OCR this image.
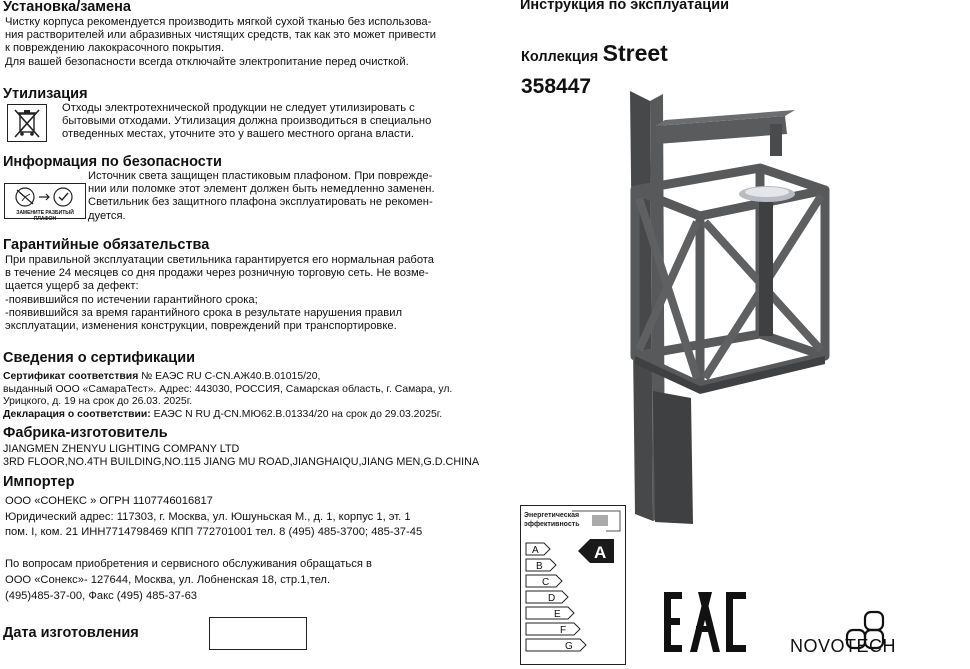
Установка/замена
Чистку корпуса рекомендуется производить мягкой сухой тканью без использова-
ния растворителей или абразивных чистящих средств, так как это может привести
к повреждению лакокрасочного покрытия.
Для вашей безопасности всегда отключайте электропитание перед очисткой.
Утилизация
Отходы электротехнической продукции не следует утилизировать с
бытовыми отходами. Утилизация должна производиться в специально
отведенных местах, уточните это у вашего местного органа власти.
Информация по безопасности
ЗАМЕНИТЕ РАЗБИТЫЙ ПЛАФОН
Источник света защищен пластиковым плафоном. При поврежде-
нии или поломке этот элемент должен быть немедленно заменен.
Светильник без защитного плафона эксплуатировать не рекомен-
дуется.
Гарантийные обязательства
При правильной эксплуатации светильника гарантируется его нормальная работа
в течение 24 месяцев со дня продажи через розничную торговую сеть. Не возме-
щается ущерб за дефект:
-появившийся по истечении гарантийного срока;
-появившийся за время гарантийного срока в результате нарушения правил
эксплуатации, изменения конструкции, повреждений при транспортировке.
Сведения о сертификации
Сертификат соответствия № ЕАЭС RU С-CN.АЖ40.В.01015/20,
выданный ООО «СамараТест». Адрес: 443030, РОССИЯ, Самарская область, г. Самара, ул.
Урицкого, д. 19 на срок до 26.03. 2025г.
Декларация о соответствии: ЕАЭС N RU Д-CN.МЮ62.В.01334/20 на срок до 29.03.2025г.
Фабрика-изготовитель
JIANGMEN ZHENYU LIGHTING COMPANY LTD
3RD FLOOR,NO.4TH BUILDING,NO.115 JIANG MU ROAD,JIANGHAIQU,JIANG MEN,G.D.CHINA
Импортер
ООО «СОНЕКС » ОГРН 1107746016817
Юридический адрес: 117303, г. Москва, ул. Юшуньская М., д. 1, корпус 1, эт. 1
пом. I, ком. 21 ИНН7714798469 КПП 772701001 тел. 8 (495) 485-3700; 485-37-45
По вопросам приобретения и сервисного обслуживания обращаться в
ООО «Сонекс»- 127644, Москва, ул. Лобненская 18, стр.1,тел.
(495)485-37-00, Факс (495) 485-37-63
Дата изготовления
Инструкция по эксплуатации
Коллекция Street
358447
Энергетическая
эффективность
A
B
C
D
E
F
G
A
NOVOTECH
